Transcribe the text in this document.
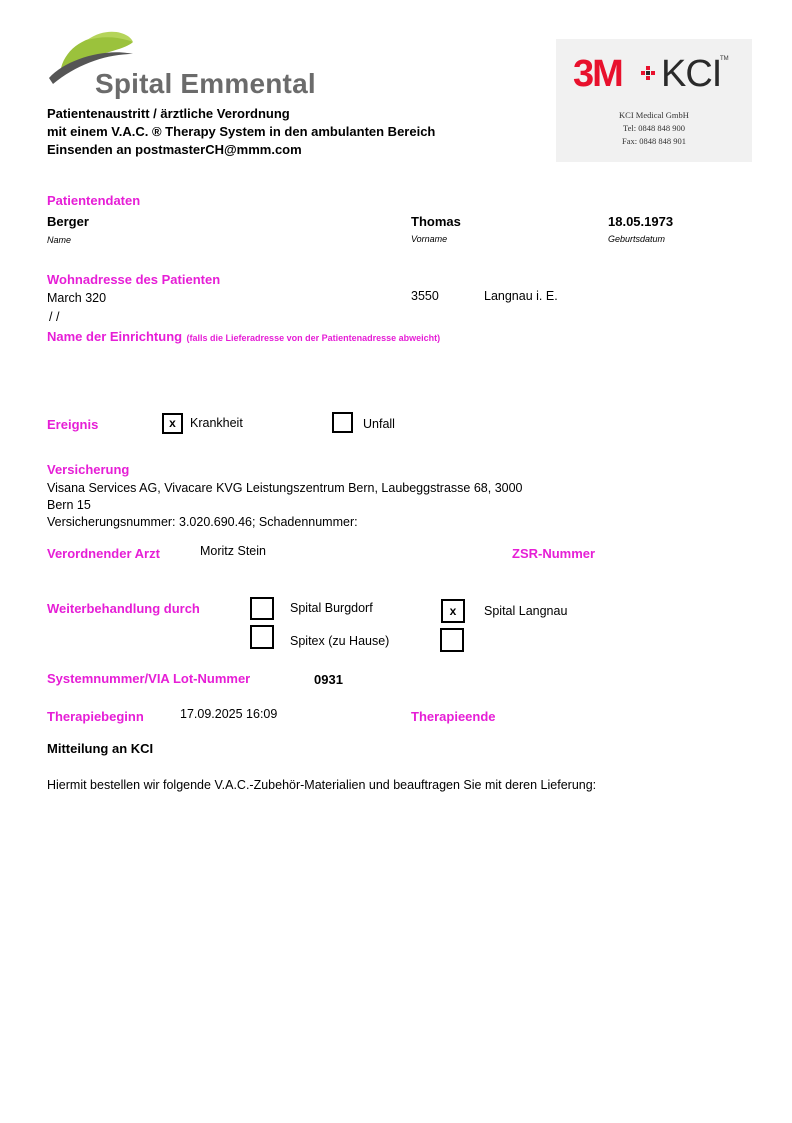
Spital Emmental	3M KCI
TM
KCI Medical GmbH
Tel: 0848 848 900
Fax: 0848 848 901
Patientenaustritt / ärztliche Verordnung
mit einem V.A.C. ® Therapy System in den ambulanten Bereich
Einsenden an postmasterCH@mmm.com
Patientendaten
Berger
Name
Thomas
Vorname
18.05.1973
Geburtsdatum
Wohnadresse des Patienten
March 320	3550	Langnau i. E.
/ /
Name der Einrichtung (falls die Lieferadresse von der Patientenadresse abweicht)
Ereignis	x	Krankheit	Unfall
Versicherung
Visana Services AG, Vivacare KVG Leistungszentrum Bern, Laubeggstrasse 68, 3000
Bern 15
Versicherungsnummer: 3.020.690.46; Schadennummer:
Verordnender Arzt	Moritz Stein	ZSR-Nummer
Weiterbehandlung durch	Spital Burgdorf	x	Spital Langnau
Spitex (zu Hause)
Systemnummer/VIA Lot-Nummer	0931
Therapiebeginn	17.09.2025 16:09	Therapieende
Mitteilung an KCI
Hiermit bestellen wir folgende V.A.C.-Zubehör-Materialien und beauftragen Sie mit deren Lieferung:
